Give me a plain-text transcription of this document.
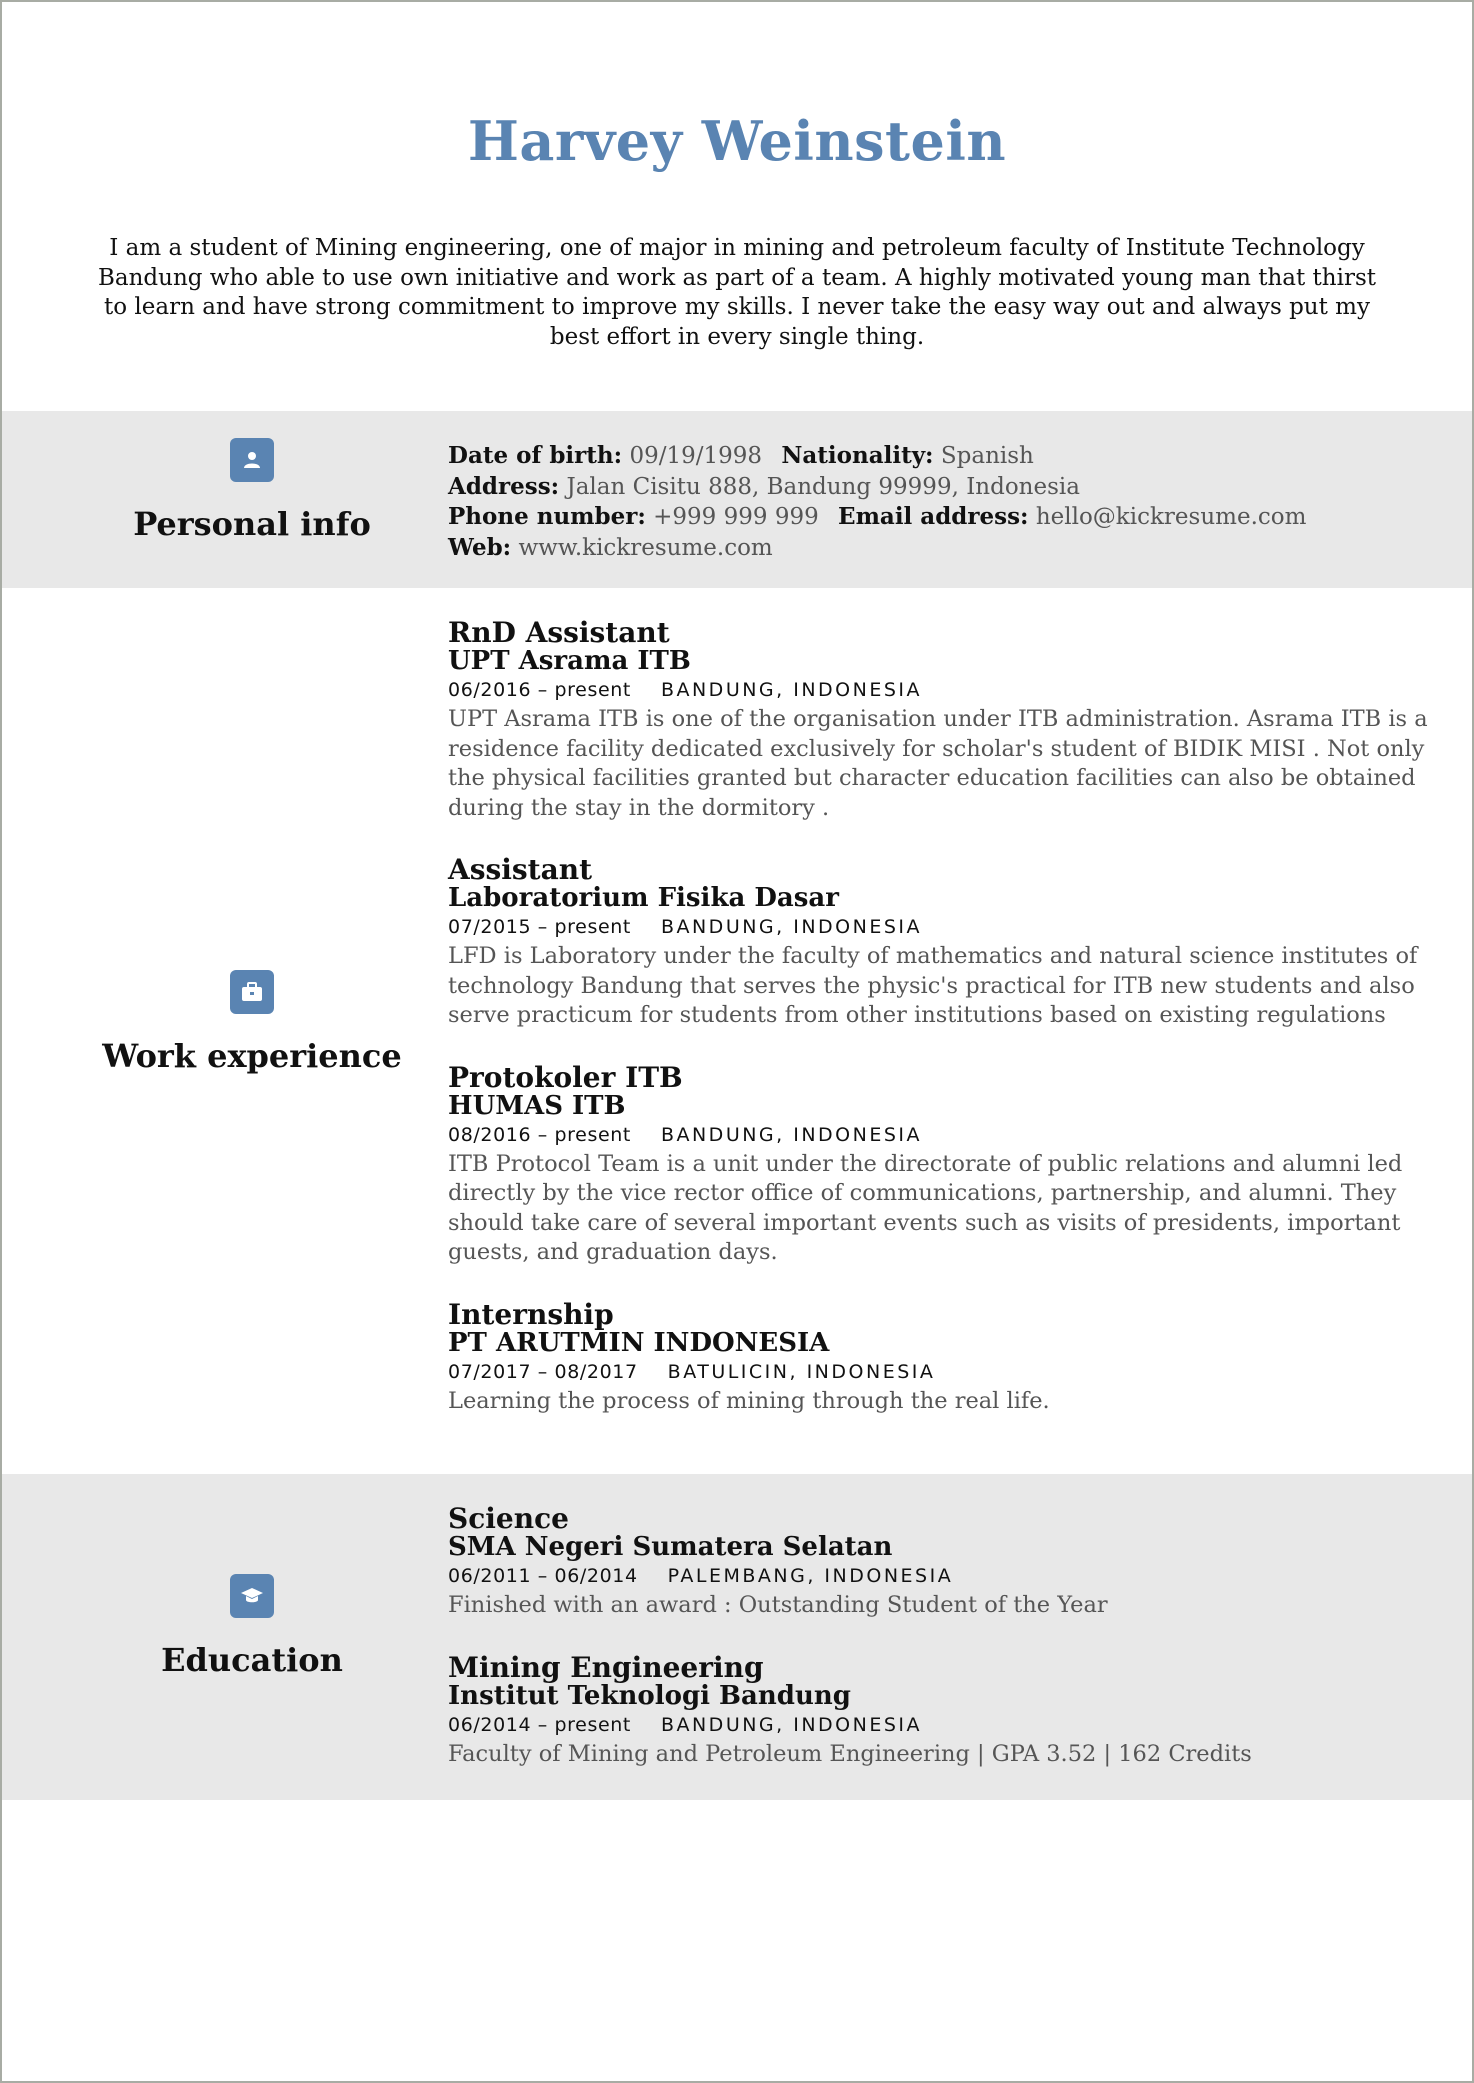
Harvey Weinstein
I am a student of Mining engineering, one of major in mining and petroleum faculty of Institute Technology Bandung who able to use own initiative and work as part of a team. A highly motivated young man that thirst to learn and have strong commitment to improve my skills. I never take the easy way out and always put my best effort in every single thing.
Personal info
Date of birth: 09/19/1998 Nationality: Spanish
Address: Jalan Cisitu 888, Bandung 99999, Indonesia
Phone number: +999 999 999 Email address: hello@kickresume.com
Web: www.kickresume.com
Work experience
RnD Assistant
UPT Asrama ITB
06/2016 – present BANDUNG, INDONESIA
UPT Asrama ITB is one of the organisation under ITB administration. Asrama ITB is a residence facility dedicated exclusively for scholar's student of BIDIK MISI . Not only the physical facilities granted but character education facilities can also be obtained during the stay in the dormitory .
Assistant
Laboratorium Fisika Dasar
07/2015 – present BANDUNG, INDONESIA
LFD is Laboratory under the faculty of mathematics and natural science institutes of technology Bandung that serves the physic's practical for ITB new students and also serve practicum for students from other institutions based on existing regulations
Protokoler ITB
HUMAS ITB
08/2016 – present BANDUNG, INDONESIA
ITB Protocol Team is a unit under the directorate of public relations and alumni led directly by the vice rector office of communications, partnership, and alumni. They should take care of several important events such as visits of presidents, important guests, and graduation days.
Internship
PT ARUTMIN INDONESIA
07/2017 – 08/2017 BATULICIN, INDONESIA
Learning the process of mining through the real life.
Education
Science
SMA Negeri Sumatera Selatan
06/2011 – 06/2014 PALEMBANG, INDONESIA
Finished with an award : Outstanding Student of the Year
Mining Engineering
Institut Teknologi Bandung
06/2014 – present BANDUNG, INDONESIA
Faculty of Mining and Petroleum Engineering | GPA 3.52 | 162 Credits
